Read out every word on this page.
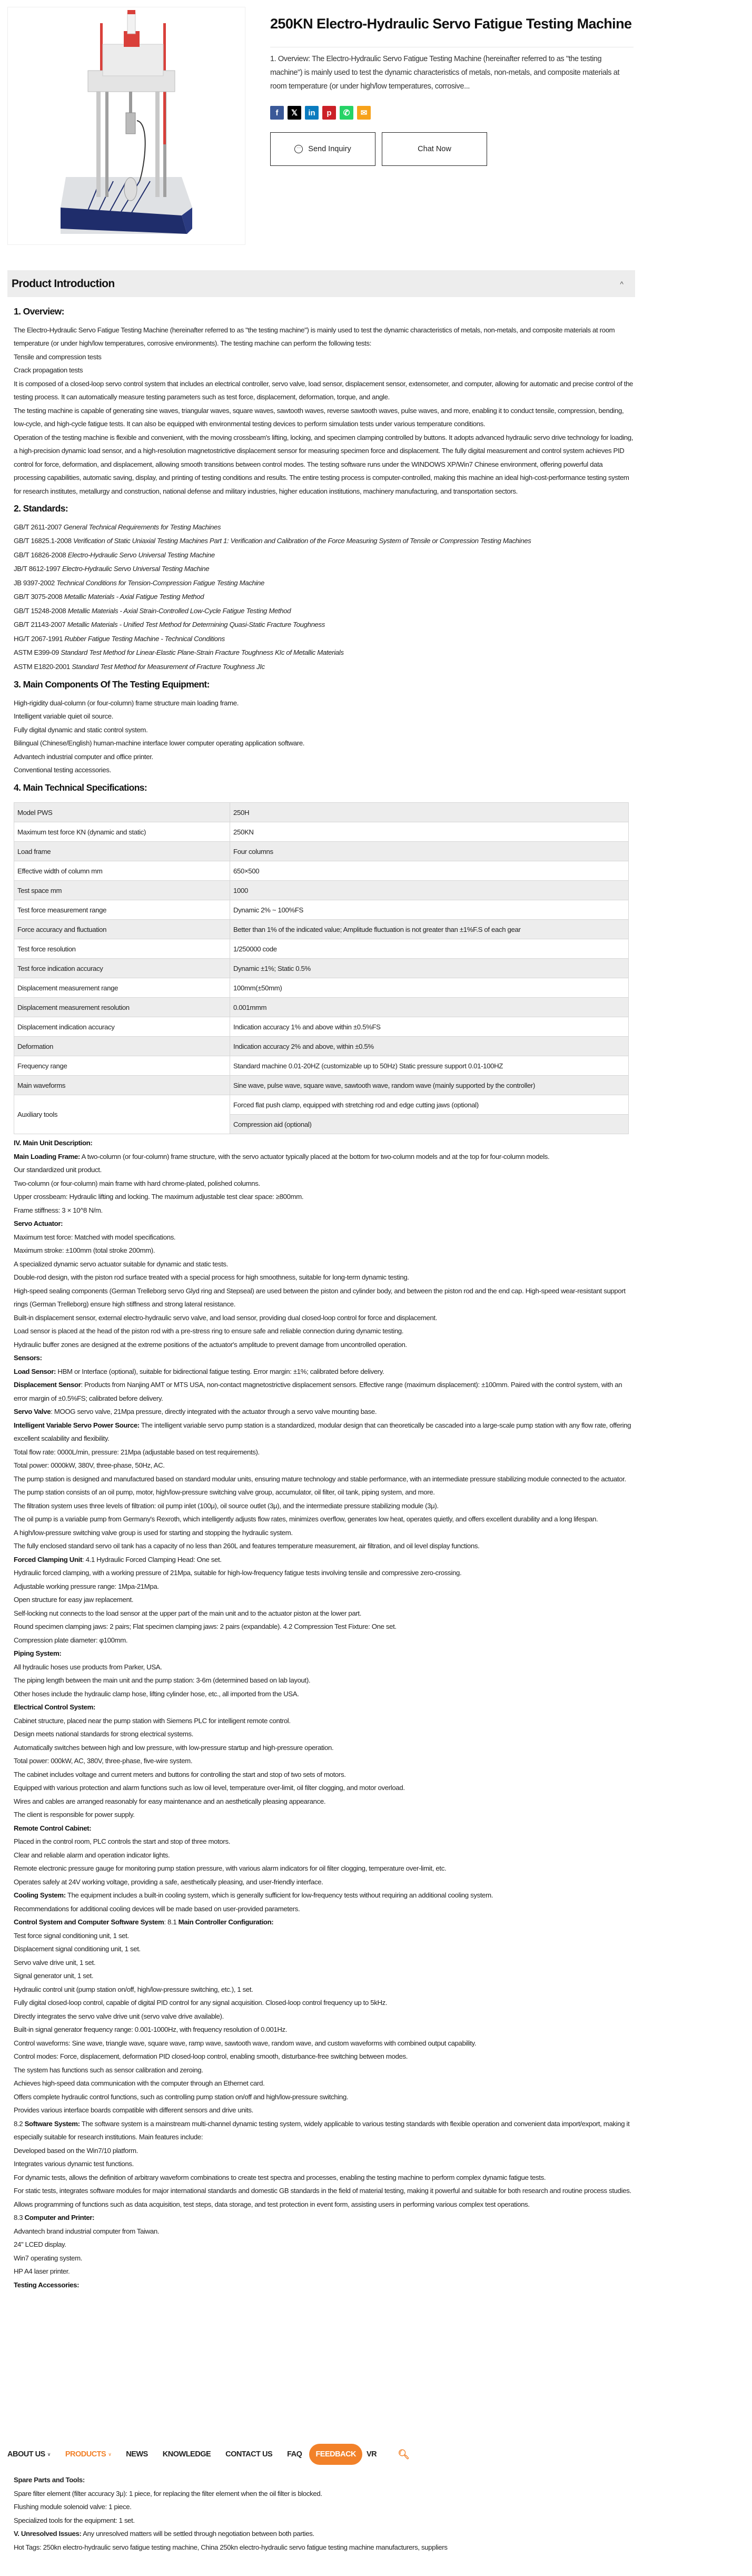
250KN Electro-Hydraulic Servo Fatigue Testing Machine
1. Overview: The Electro-Hydraulic Servo Fatigue Testing Machine (hereinafter referred to as "the testing machine") is mainly used to test the dynamic characteristics of metals, non-metals, and composite materials at room temperature (or under high/low temperatures, corrosive...
f	𝕏	in	p	✆	✉
··· Send Inquiry	Chat Now
Product Introduction	^
1. Overview:

The Electro-Hydraulic Servo Fatigue Testing Machine (hereinafter referred to as "the testing machine") is mainly used to test the dynamic characteristics of metals, non-metals, and composite materials at room temperature (or under high/low temperatures, corrosive environments). The testing machine can perform the following tests:

Tensile and compression tests

Crack propagation tests

It is composed of a closed-loop servo control system that includes an electrical controller, servo valve, load sensor, displacement sensor, extensometer, and computer, allowing for automatic and precise control of the testing process. It can automatically measure testing parameters such as test force, displacement, deformation, torque, and angle.

The testing machine is capable of generating sine waves, triangular waves, square waves, sawtooth waves, reverse sawtooth waves, pulse waves, and more, enabling it to conduct tensile, compression, bending, low-cycle, and high-cycle fatigue tests. It can also be equipped with environmental testing devices to perform simulation tests under various temperature conditions.

Operation of the testing machine is flexible and convenient, with the moving crossbeam's lifting, locking, and specimen clamping controlled by buttons. It adopts advanced hydraulic servo drive technology for loading, a high-precision dynamic load sensor, and a high-resolution magnetostrictive displacement sensor for measuring specimen force and displacement. The fully digital measurement and control system achieves PID control for force, deformation, and displacement, allowing smooth transitions between control modes. The testing software runs under the WINDOWS XP/Win7 Chinese environment, offering powerful data processing capabilities, automatic saving, display, and printing of testing conditions and results. The entire testing process is computer-controlled, making this machine an ideal high-cost-performance testing system for research institutes, metallurgy and construction, national defense and military industries, higher education institutions, machinery manufacturing, and transportation sectors.

2. Standards:

GB/T 2611-2007 General Technical Requirements for Testing Machines

GB/T 16825.1-2008 Verification of Static Uniaxial Testing Machines Part 1: Verification and Calibration of the Force Measuring System of Tensile or Compression Testing Machines

GB/T 16826-2008 Electro-Hydraulic Servo Universal Testing Machine

JB/T 8612-1997 Electro-Hydraulic Servo Universal Testing Machine

JB 9397-2002 Technical Conditions for Tension-Compression Fatigue Testing Machine

GB/T 3075-2008 Metallic Materials - Axial Fatigue Testing Method

GB/T 15248-2008 Metallic Materials - Axial Strain-Controlled Low-Cycle Fatigue Testing Method

GB/T 21143-2007 Metallic Materials - Unified Test Method for Determining Quasi-Static Fracture Toughness

HG/T 2067-1991 Rubber Fatigue Testing Machine - Technical Conditions

ASTM E399-09 Standard Test Method for Linear-Elastic Plane-Strain Fracture Toughness KIc of Metallic Materials

ASTM E1820-2001 Standard Test Method for Measurement of Fracture Toughness JIc

3. Main Components Of The Testing Equipment:

High-rigidity dual-column (or four-column) frame structure main loading frame.

Intelligent variable quiet oil source.

Fully digital dynamic and static control system.

Bilingual (Chinese/English) human-machine interface lower computer operating application software.

Advantech industrial computer and office printer.

Conventional testing accessories.

4. Main Technical Specifications:
Model PWS	250H
Maximum test force KN (dynamic and static)	250KN
Load frame	Four columns
Effective width of column mm	650×500
Test space mm	1000
Test force measurement range	Dynamic 2% ~ 100%FS
Force accuracy and fluctuation	Better than 1% of the indicated value; Amplitude fluctuation is not greater than ±1%F.S of each gear
Test force resolution	1/250000 code
Test force indication accuracy	Dynamic ±1%; Static 0.5%
Displacement measurement range	100mm(±50mm)
Displacement measurement resolution	0.001mmm
Displacement indication accuracy	Indication accuracy 1% and above within ±0.5%FS
Deformation	Indication accuracy 2% and above, within ±0.5%
Frequency range	Standard machine 0.01-20HZ (customizable up to 50Hz) Static pressure support 0.01-100HZ
Main waveforms	Sine wave, pulse wave, square wave, sawtooth wave, random wave (mainly supported by the controller)
Auxiliary tools	Forced flat push clamp, equipped with stretching rod and edge cutting jaws (optional)
Compression aid (optional)

IV. Main Unit Description:

Main Loading Frame: A two-column (or four-column) frame structure, with the servo actuator typically placed at the bottom for two-column models and at the top for four-column models.

Our standardized unit product.

Two-column (or four-column) main frame with hard chrome-plated, polished columns.

Upper crossbeam: Hydraulic lifting and locking. The maximum adjustable test clear space: ≥800mm.

Frame stiffness: 3 × 10^8 N/m.

Servo Actuator:

Maximum test force: Matched with model specifications.

Maximum stroke: ±100mm (total stroke 200mm).

A specialized dynamic servo actuator suitable for dynamic and static tests.

Double-rod design, with the piston rod surface treated with a special process for high smoothness, suitable for long-term dynamic testing.

High-speed sealing components (German Trelleborg servo Glyd ring and Stepseal) are used between the piston and cylinder body, and between the piston rod and the end cap. High-speed wear-resistant support rings (German Trelleborg) ensure high stiffness and strong lateral resistance.

Built-in displacement sensor, external electro-hydraulic servo valve, and load sensor, providing dual closed-loop control for force and displacement.

Load sensor is placed at the head of the piston rod with a pre-stress ring to ensure safe and reliable connection during dynamic testing.

Hydraulic buffer zones are designed at the extreme positions of the actuator's amplitude to prevent damage from uncontrolled operation.

Sensors:

Load Sensor: HBM or Interface (optional), suitable for bidirectional fatigue testing. Error margin: ±1%; calibrated before delivery.

Displacement Sensor: Products from Nanjing AMT or MTS USA, non-contact magnetostrictive displacement sensors. Effective range (maximum displacement): ±100mm. Paired with the control system, with an error margin of ±0.5%FS; calibrated before delivery.

Servo Valve: MOOG servo valve, 21Mpa pressure, directly integrated with the actuator through a servo valve mounting base.

Intelligent Variable Servo Power Source: The intelligent variable servo pump station is a standardized, modular design that can theoretically be cascaded into a large-scale pump station with any flow rate, offering excellent scalability and flexibility.

Total flow rate: 0000L/min, pressure: 21Mpa (adjustable based on test requirements).

Total power: 0000kW, 380V, three-phase, 50Hz, AC.

The pump station is designed and manufactured based on standard modular units, ensuring mature technology and stable performance, with an intermediate pressure stabilizing module connected to the actuator.

The pump station consists of an oil pump, motor, high/low-pressure switching valve group, accumulator, oil filter, oil tank, piping system, and more.

The filtration system uses three levels of filtration: oil pump inlet (100μ), oil source outlet (3μ), and the intermediate pressure stabilizing module (3μ).

The oil pump is a variable pump from Germany's Rexroth, which intelligently adjusts flow rates, minimizes overflow, generates low heat, operates quietly, and offers excellent durability and a long lifespan.

A high/low-pressure switching valve group is used for starting and stopping the hydraulic system.

The fully enclosed standard servo oil tank has a capacity of no less than 260L and features temperature measurement, air filtration, and oil level display functions.

Forced Clamping Unit: 4.1 Hydraulic Forced Clamping Head: One set.

Hydraulic forced clamping, with a working pressure of 21Mpa, suitable for high-low-frequency fatigue tests involving tensile and compressive zero-crossing.

Adjustable working pressure range: 1Mpa-21Mpa.

Open structure for easy jaw replacement.

Self-locking nut connects to the load sensor at the upper part of the main unit and to the actuator piston at the lower part.

Round specimen clamping jaws: 2 pairs; Flat specimen clamping jaws: 2 pairs (expandable). 4.2 Compression Test Fixture: One set.

Compression plate diameter: φ100mm.

Piping System:

All hydraulic hoses use products from Parker, USA.

The piping length between the main unit and the pump station: 3-6m (determined based on lab layout).

Other hoses include the hydraulic clamp hose, lifting cylinder hose, etc., all imported from the USA.

Electrical Control System:

Cabinet structure, placed near the pump station with Siemens PLC for intelligent remote control.

Design meets national standards for strong electrical systems.

Automatically switches between high and low pressure, with low-pressure startup and high-pressure operation.

Total power: 000kW, AC, 380V, three-phase, five-wire system.

The cabinet includes voltage and current meters and buttons for controlling the start and stop of two sets of motors.

Equipped with various protection and alarm functions such as low oil level, temperature over-limit, oil filter clogging, and motor overload.

Wires and cables are arranged reasonably for easy maintenance and an aesthetically pleasing appearance.

The client is responsible for power supply.

Remote Control Cabinet:

Placed in the control room, PLC controls the start and stop of three motors.

Clear and reliable alarm and operation indicator lights.

Remote electronic pressure gauge for monitoring pump station pressure, with various alarm indicators for oil filter clogging, temperature over-limit, etc.

Operates safely at 24V working voltage, providing a safe, aesthetically pleasing, and user-friendly interface.

Cooling System: The equipment includes a built-in cooling system, which is generally sufficient for low-frequency tests without requiring an additional cooling system.

Recommendations for additional cooling devices will be made based on user-provided parameters.

Control System and Computer Software System: 8.1 Main Controller Configuration:

Test force signal conditioning unit, 1 set.

Displacement signal conditioning unit, 1 set.

Servo valve drive unit, 1 set.

Signal generator unit, 1 set.

Hydraulic control unit (pump station on/off, high/low-pressure switching, etc.), 1 set.

Fully digital closed-loop control, capable of digital PID control for any signal acquisition. Closed-loop control frequency up to 5kHz.

Directly integrates the servo valve drive unit (servo valve drive available).

Built-in signal generator frequency range: 0.001-1000Hz, with frequency resolution of 0.001Hz.

Control waveforms: Sine wave, triangle wave, square wave, ramp wave, sawtooth wave, random wave, and custom waveforms with combined output capability.

Control modes: Force, displacement, deformation PID closed-loop control, enabling smooth, disturbance-free switching between modes.

The system has functions such as sensor calibration and zeroing.

Achieves high-speed data communication with the computer through an Ethernet card.

Offers complete hydraulic control functions, such as controlling pump station on/off and high/low-pressure switching.

Provides various interface boards compatible with different sensors and drive units.

8.2 Software System: The software system is a mainstream multi-channel dynamic testing system, widely applicable to various testing standards with flexible operation and convenient data import/export, making it especially suitable for research institutions. Main features include:

Developed based on the Win7/10 platform.

Integrates various dynamic test functions.

For dynamic tests, allows the definition of arbitrary waveform combinations to create test spectra and processes, enabling the testing machine to perform complex dynamic fatigue tests.

For static tests, integrates software modules for major international standards and domestic GB standards in the field of material testing, making it powerful and suitable for both research and routine process studies.

Allows programming of functions such as data acquisition, test steps, data storage, and test protection in event form, assisting users in performing various complex test operations.

8.3 Computer and Printer:

Advantech brand industrial computer from Taiwan.

24" LCED display.

Win7 operating system.

HP A4 laser printer.

Testing Accessories:

ABOUT US ∨ PRODUCTS ∨ NEWS KNOWLEDGE CONTACT US FAQ	FEEDBACK	VR 🔍︎

Spare Parts and Tools:

Spare filter element (filter accuracy 3μ): 1 piece, for replacing the filter element when the oil filter is blocked.

Flushing module solenoid valve: 1 piece.

Specialized tools for the equipment: 1 set.

V. Unresolved Issues: Any unresolved matters will be settled through negotiation between both parties.

Hot Tags: 250kn electro-hydraulic servo fatigue testing machine, China 250kn electro-hydraulic servo fatigue testing machine manufacturers, suppliers
